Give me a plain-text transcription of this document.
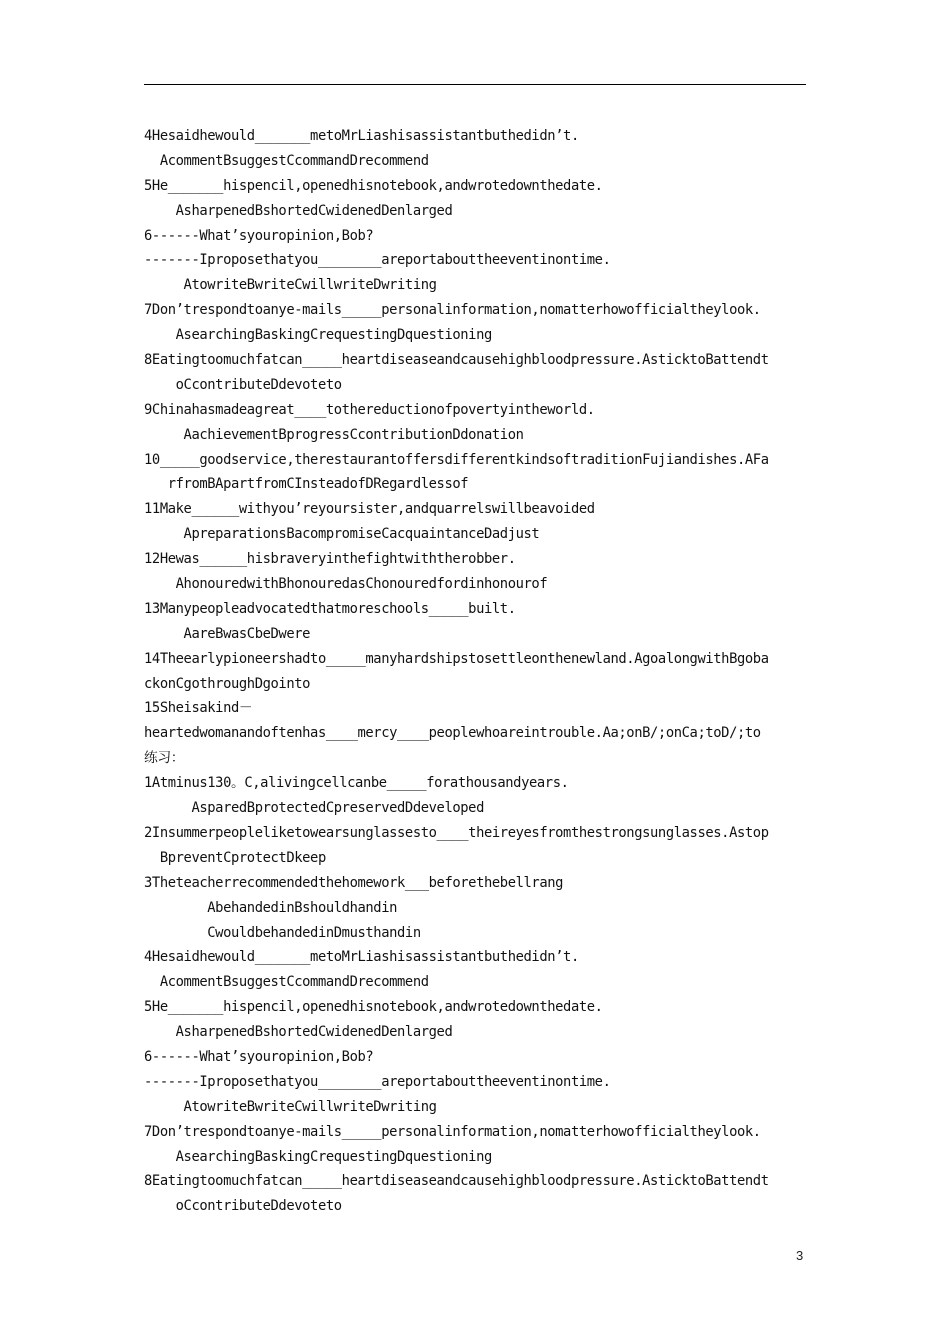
4Hesaidhewould_______metoMrLiashisassistantbuthedidn’t.
AcommentBsuggestCcommandDrecommend
5He_______hispencil,openedhisnotebook,andwrotedownthedate.
AsharpenedBshortedCwidenedDenlarged
6------What’syouropinion,Bob?
-------Iproposethatyou________areportabouttheeventinontime.
AtowriteBwriteCwillwriteDwriting
7Don’trespondtoanye-mails_____personalinformation,nomatterhowofficialtheylook.
AsearchingBaskingCrequestingDquestioning
8Eatingtoomuchfatcan_____heartdiseaseandcausehighbloodpressure.AsticktoBattendt
oCcontributeDdevoteto
9Chinahasmadeagreat____tothereductionofpovertyintheworld.
AachievementBprogressCcontributionDdonation
10_____goodservice,therestaurantoffersdifferentkindsoftraditionFujiandishes.AFa
rfromBApartfromCInsteadofDRegardlessof
11Make______withyou’reyoursister,andquarrelswillbeavoided
ApreparationsBacompromiseCacquaintanceDadjust
12Hewas______hisbraveryinthefightwiththerobber.
AhonouredwithBhonouredasChonouredfordinhonourof
13Manypeopleadvocatedthatmoreschools_____built.
AareBwasCbeDwere
14Theearlypioneershadto_____manyhardshipstosettleonthenewland.AgoalongwithBgoba
ckonCgothroughDgointo
15Sheisakind－
heartedwomanandoftenhas____mercy____peoplewhoareintrouble.Aa;onB/;onCa;toD/;to
练习：
1Atminus130。C,alivingcellcanbe_____forathousandyears.
AsparedBprotectedCpreservedDdeveloped
2Insummerpeopleliketowearsunglassesto____theireyesfromthestrongsunglasses.Astop
BpreventCprotectDkeep
3Theteacherrecommendedthehomework___beforethebellrang
AbehandedinBshouldhandin
CwouldbehandedinDmusthandin
4Hesaidhewould_______metoMrLiashisassistantbuthedidn’t.
AcommentBsuggestCcommandDrecommend
5He_______hispencil,openedhisnotebook,andwrotedownthedate.
AsharpenedBshortedCwidenedDenlarged
6------What’syouropinion,Bob?
-------Iproposethatyou________areportabouttheeventinontime.
AtowriteBwriteCwillwriteDwriting
7Don’trespondtoanye-mails_____personalinformation,nomatterhowofficialtheylook.
AsearchingBaskingCrequestingDquestioning
8Eatingtoomuchfatcan_____heartdiseaseandcausehighbloodpressure.AsticktoBattendt
oCcontributeDdevoteto
3
